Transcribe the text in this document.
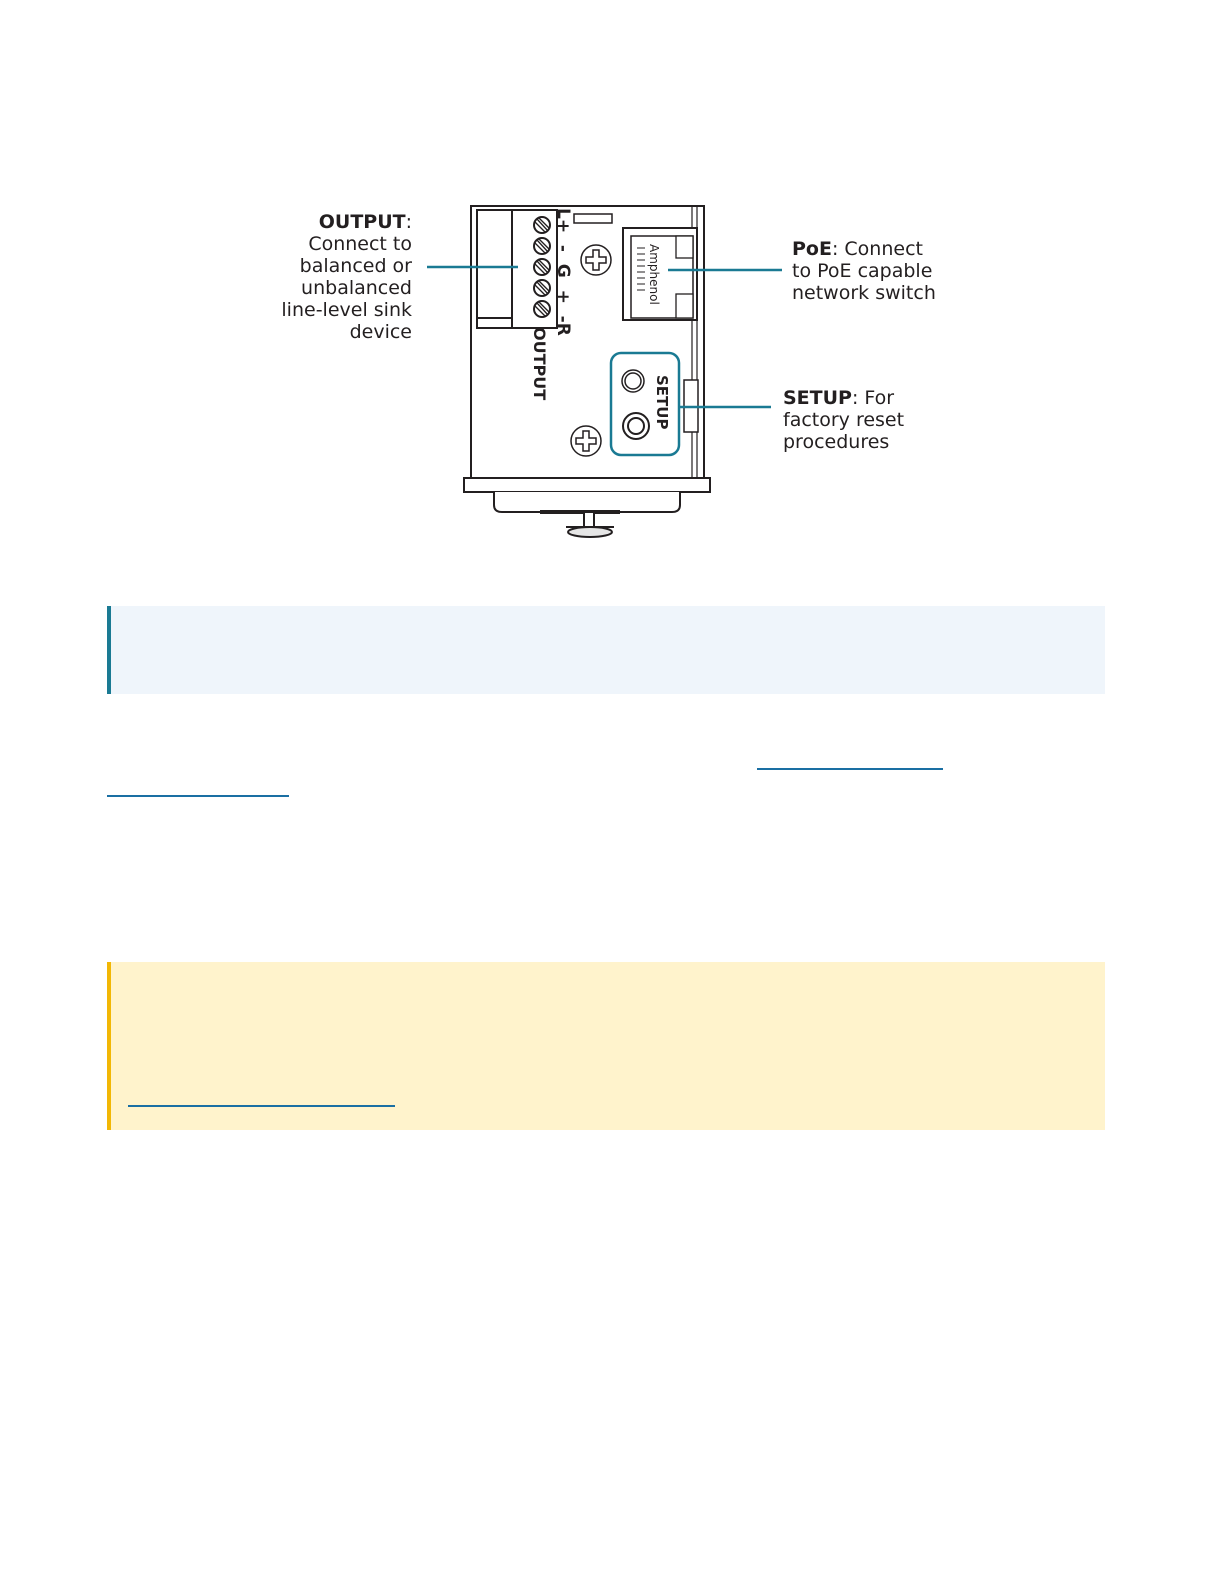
L+  -  G  +  -R
OUTPUT
Amphenol
SETUP
OUTPUT:
Connect to
balanced or
unbalanced
line-level sink
device
PoE: Connect
to PoE capable
network switch
SETUP: For
factory reset
procedures
